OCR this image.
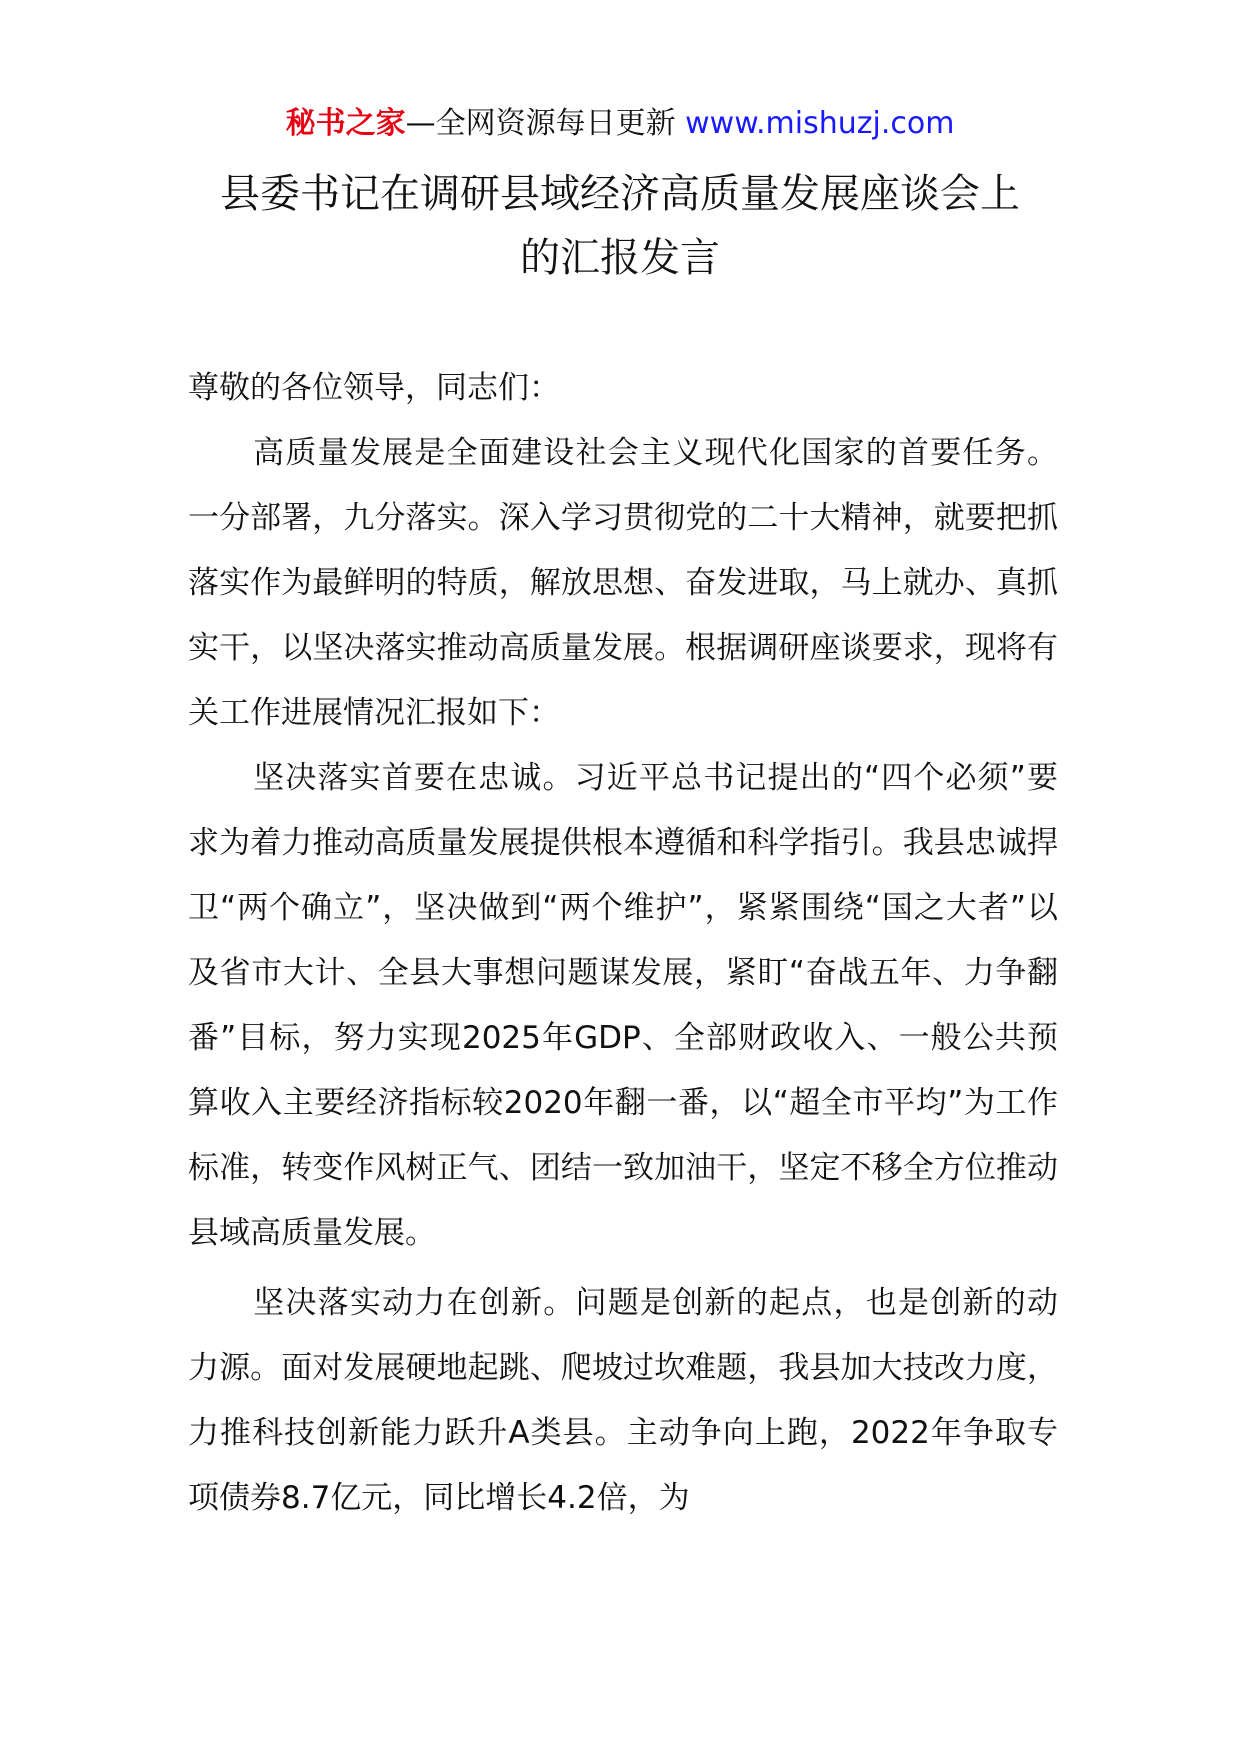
秘书之家—全网资源每日更新 www.mishuzj.com
县委书记在调研县域经济高质量发展座谈会上
的汇报发言

尊敬的各位领导，同志们：

高质量发展是全面建设社会主义现代化国家的首要任务。一分部署，九分落实。深入学习贯彻党的二十大精神，就要把抓落实作为最鲜明的特质，解放思想、奋发进取，马上就办、真抓实干，以坚决落实推动高质量发展。根据调研座谈要求，现将有关工作进展情况汇报如下：

坚决落实首要在忠诚。习近平总书记提出的“四个必须”要求为着力推动高质量发展提供根本遵循和科学指引。我县忠诚捍卫“两个确立”，坚决做到“两个维护”，紧紧围绕“国之大者”以及省市大计、全县大事想问题谋发展，紧盯“奋战五年、力争翻番”目标，努力实现2025年GDP、全部财政收入、一般公共预算收入主要经济指标较2020年翻一番，以“超全市平均”为工作标准，转变作风树正气、团结一致加油干，坚定不移全方位推动县域高质量发展。

坚决落实动力在创新。问题是创新的起点，也是创新的动力源。面对发展硬地起跳、爬坡过坎难题，我县加大技改力度，力推科技创新能力跃升A类县。主动争向上跑，2022年争取专项债券8.7亿元，同比增长4.2倍，为
